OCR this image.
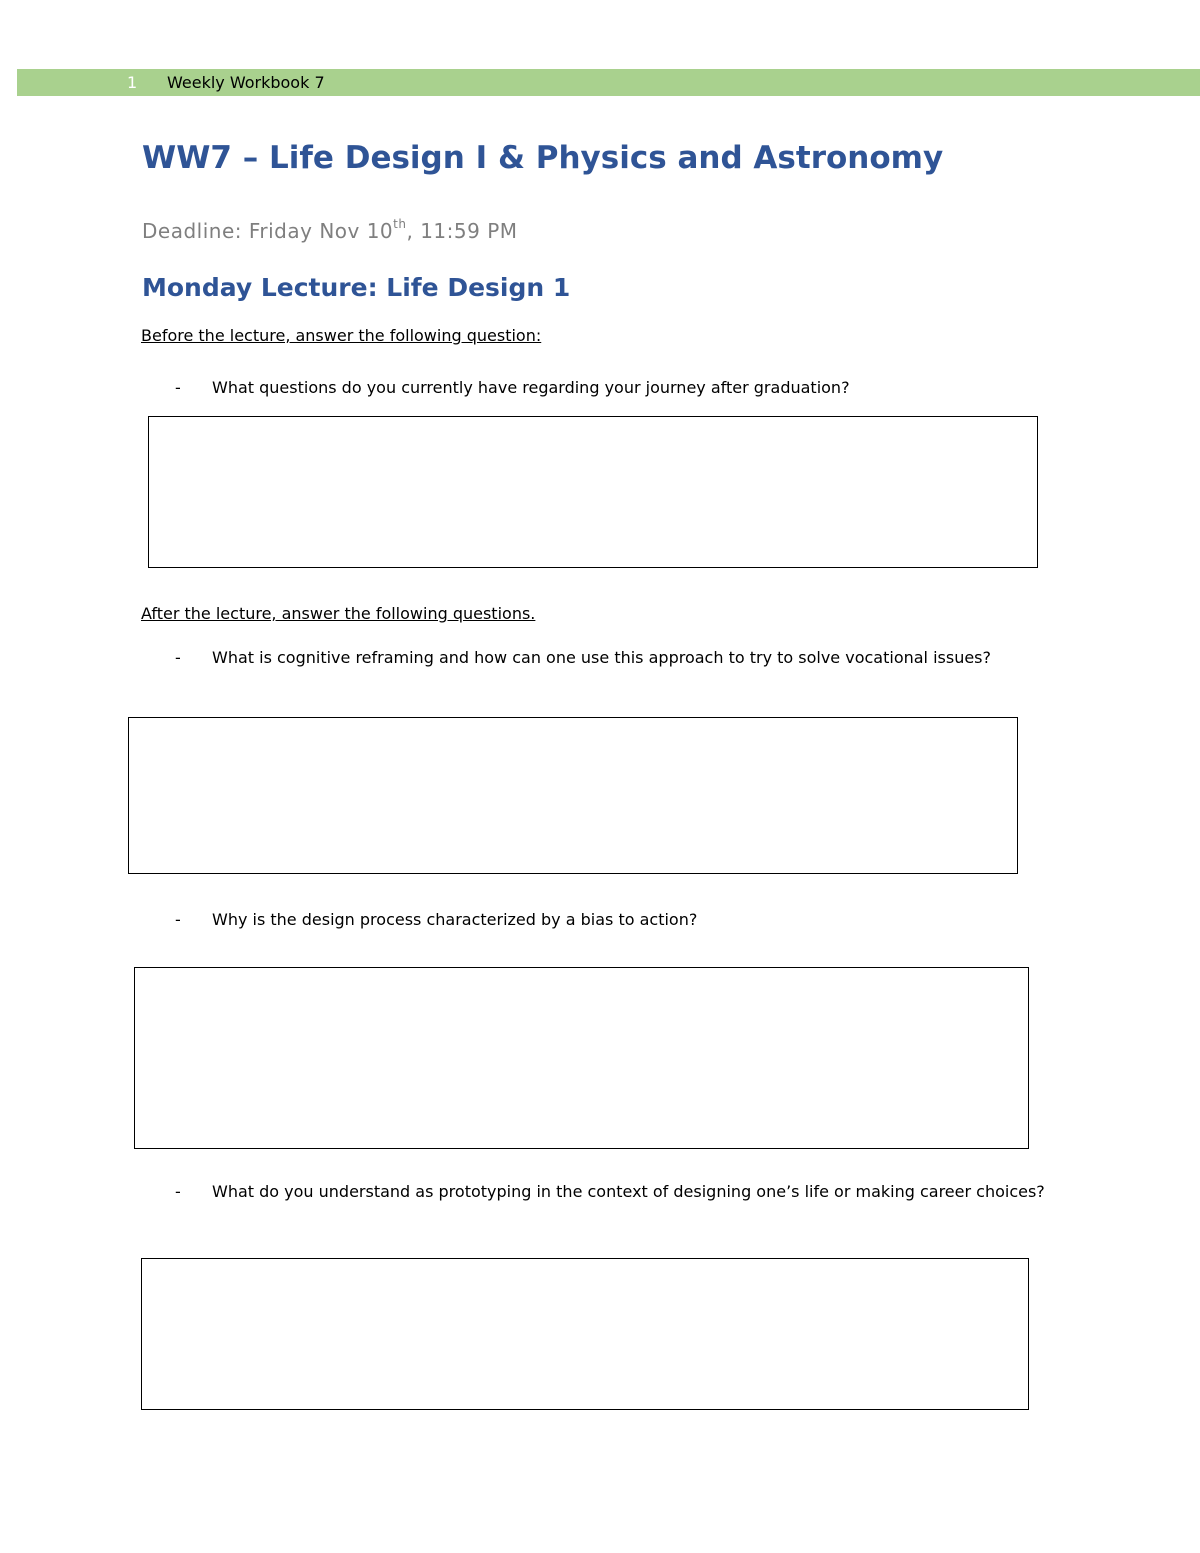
1 Weekly Workbook 7
WW7 – Life Design I & Physics and Astronomy
Deadline: Friday Nov 10th, 11:59 PM
Monday Lecture: Life Design 1
Before the lecture, answer the following question:
- What questions do you currently have regarding your journey after graduation?
After the lecture, answer the following questions.
- What is cognitive reframing and how can one use this approach to try to solve vocational issues?
- Why is the design process characterized by a bias to action?
- What do you understand as prototyping in the context of designing one’s life or making career choices?
